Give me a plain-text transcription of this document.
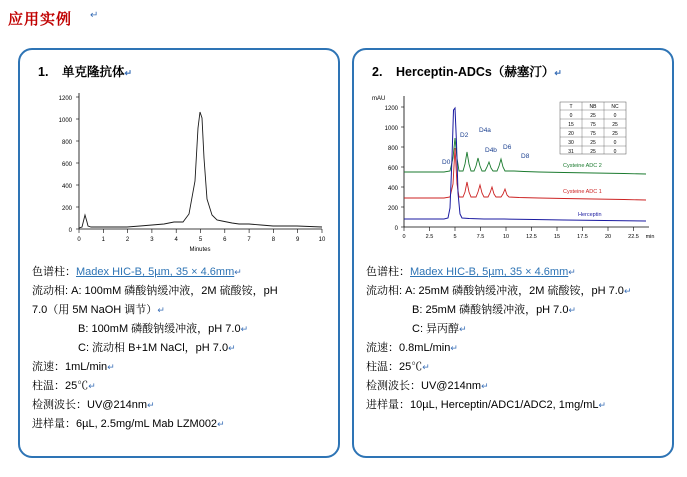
应用实例 ↵
1. 单克隆抗体↵
1200
1000
800
600
400
200
0
0	1	2	3	4	5	6	7	8	9	10
Minutes
色谱柱：Madex HIC-B, 5µm, 35 × 4.6mm↵
流动相: A: 100mM 磷酸钠缓冲液，2M 硫酸铵，pH
7.0（用 5M NaOH 调节）↵
B: 100mM 磷酸钠缓冲液，pH 7.0↵
C: 流动相 B+1M NaCl，pH 7.0↵
流速：1mL/min↵
柱温：25℃↵
检测波长：UV@214nm↵
进样量：6µL, 2.5mg/mL Mab LZM002↵
2. Herceptin-ADCs（赫塞汀）↵
mAU
1200
1000
800
600
400
200
0
0	2.5	5	7.5	10	12.5	15	17.5	20	22.5 min
T	NB	NC
0	25	0
15	75	25
20	75	25
30	25	0
31	25	0
D0
D2
D4a
D4b D6
D8
Cysteine ADC 2
Cysteine ADC 1
Herceptin
色谱柱：Madex HIC-B, 5µm, 35 × 4.6mm↵
流动相: A: 25mM 磷酸钠缓冲液，2M 硫酸铵，pH 7.0↵
B: 25mM 磷酸钠缓冲液，pH 7.0↵
C: 异丙醇↵
流速：0.8mL/min↵
柱温：25℃↵
检测波长：UV@214nm↵
进样量：10µL, Herceptin/ADC1/ADC2, 1mg/mL↵
